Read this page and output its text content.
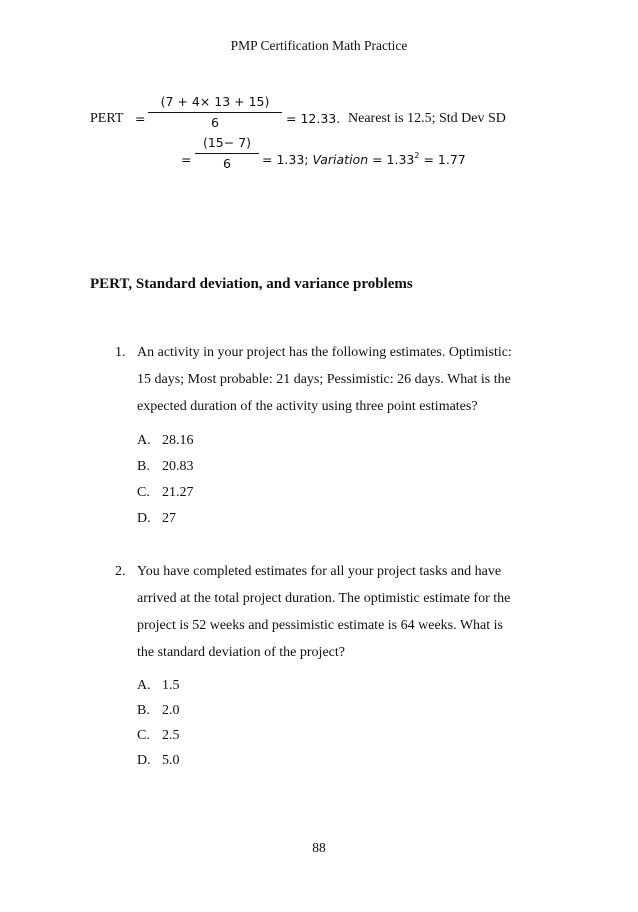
PMP Certification Math Practice
PERT =
(7 + 4× 13 + 15)
6	= 12.33. Nearest is 12.5; Std Dev SD
=
(15− 7)
6	= 1.33; Variation = $1.33^2 = 1.77$
PERT, Standard deviation, and variance problems
1. An activity in your project has the following estimates. Optimistic:
15 days; Most probable: 21 days; Pessimistic: 26 days. What is the
expected duration of the activity using three point estimates?
A. 28.16
B. 20.83
C. 21.27
D. 27
2. You have completed estimates for all your project tasks and have
arrived at the total project duration. The optimistic estimate for the
project is 52 weeks and pessimistic estimate is 64 weeks. What is
the standard deviation of the project?
A. 1.5
B. 2.0
C. 2.5
D. 5.0
88
